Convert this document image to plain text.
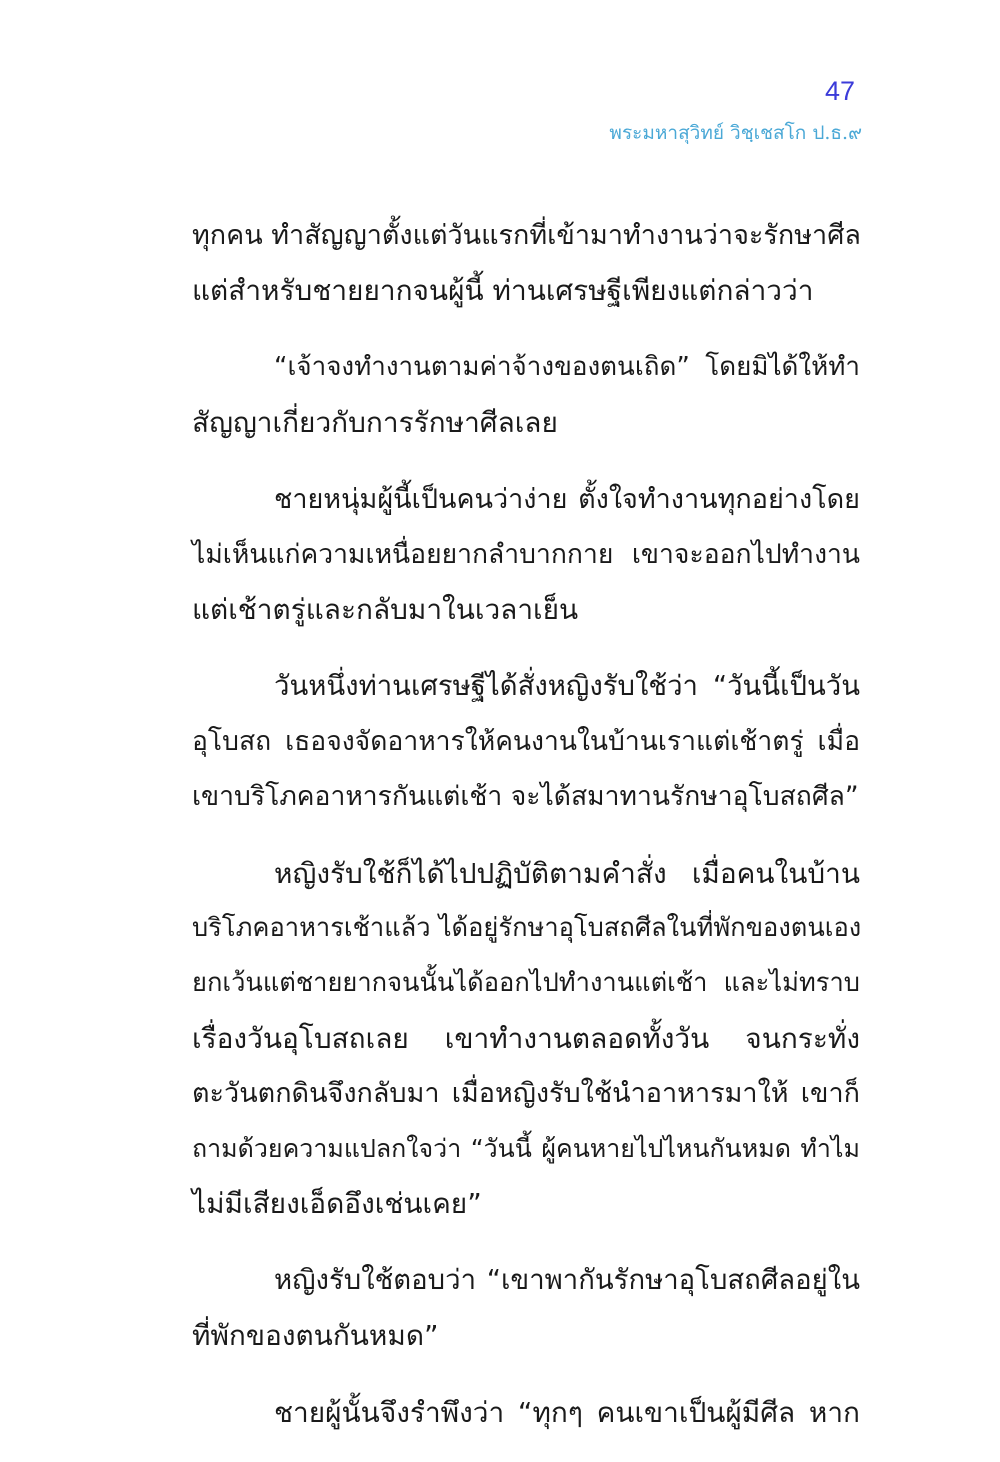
47
พระมหาสุวิทย์ วิชฺเชสโก ป.ธ.๙

ทุกคน ทำสัญญาตั้งแต่วันแรกที่เข้ามาทำงานว่าจะรักษาศีล
แต่สำหรับชายยากจนผู้นี้ ท่านเศรษฐีเพียงแต่กล่าวว่า

“เจ้าจงทำงานตามค่าจ้างของตนเถิด” โดยมิได้ให้ทำ
สัญญาเกี่ยวกับการรักษาศีลเลย

ชายหนุ่มผู้นี้เป็นคนว่าง่าย ตั้งใจทำงานทุกอย่างโดย
ไม่เห็นแก่ความเหนื่อยยากลำบากกาย เขาจะออกไปทำงาน
แต่เช้าตรู่และกลับมาในเวลาเย็น

วันหนึ่งท่านเศรษฐีได้สั่งหญิงรับใช้ว่า “วันนี้เป็นวัน
อุโบสถ เธอจงจัดอาหารให้คนงานในบ้านเราแต่เช้าตรู่ เมื่อ
เขาบริโภคอาหารกันแต่เช้า จะได้สมาทานรักษาอุโบสถศีล”

หญิงรับใช้ก็ได้ไปปฏิบัติตามคำสั่ง เมื่อคนในบ้าน
บริโภคอาหารเช้าแล้ว ได้อยู่รักษาอุโบสถศีลในที่พักของตนเอง
ยกเว้นแต่ชายยากจนนั้นได้ออกไปทำงานแต่เช้า และไม่ทราบ
เรื่องวันอุโบสถเลย เขาทำงานตลอดทั้งวัน จนกระทั่ง
ตะวันตกดินจึงกลับมา เมื่อหญิงรับใช้นำอาหารมาให้ เขาก็
ถามด้วยความแปลกใจว่า “วันนี้ ผู้คนหายไปไหนกันหมด ทำไม
ไม่มีเสียงเอ็ดอึงเช่นเคย”

หญิงรับใช้ตอบว่า “เขาพากันรักษาอุโบสถศีลอยู่ใน
ที่พักของตนกันหมด”

ชายผู้นั้นจึงรำพึงว่า “ทุกๆ คนเขาเป็นผู้มีศีล หาก
